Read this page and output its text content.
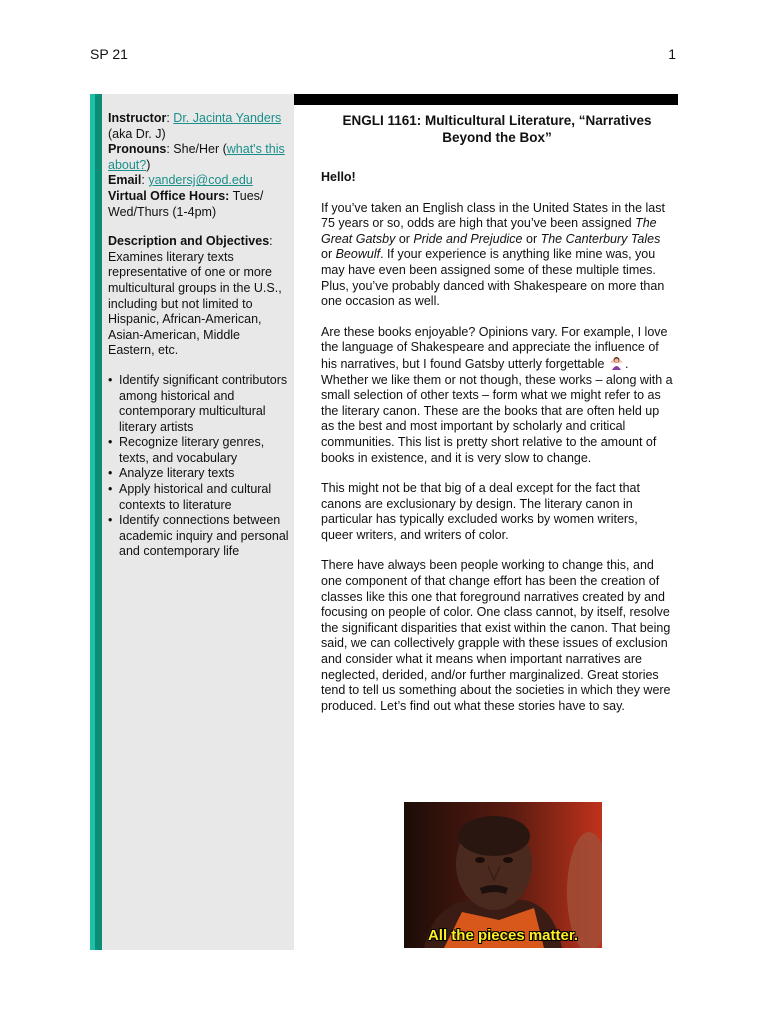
SP 21	1

Instructor: Dr. Jacinta Yanders (aka Dr. J)

Pronouns: She/Her (what's this about?)

Email: yandersj@cod.edu

Virtual Office Hours: Tues/ Wed/Thurs (1-4pm)

Description and Objectives:

Examines literary texts representative of one or more multicultural groups in the U.S., including but not limited to Hispanic, African-American, Asian-American, Middle Eastern, etc.

• Identify significant contributors among historical and contemporary multicultural literary artists
• Recognize literary genres, texts, and vocabulary
• Analyze literary texts
• Apply historical and cultural contexts to literature
• Identify connections between academic inquiry and personal and contemporary life
ENGLI 1161: Multicultural Literature, “Narratives Beyond the Box”

Hello!

If you’ve taken an English class in the United States in the last 75 years or so, odds are high that you’ve been assigned The Great Gatsby or Pride and Prejudice or The Canterbury Tales or Beowulf. If your experience is anything like mine was, you may have even been assigned some of these multiple times. Plus, you’ve probably danced with Shakespeare on more than one occasion as well.

Are these books enjoyable? Opinions vary. For example, I love the language of Shakespeare and appreciate the influence of his narratives, but I found Gatsby utterly forgettable . Whether we like them or not though, these works – along with a small selection of other texts – form what we might refer to as the literary canon. These are the books that are often held up as the best and most important by scholarly and critical communities. This list is pretty short relative to the amount of books in existence, and it is very slow to change.

This might not be that big of a deal except for the fact that canons are exclusionary by design. The literary canon in particular has typically excluded works by women writers, queer writers, and writers of color.

There have always been people working to change this, and one component of that change effort has been the creation of classes like this one that foreground narratives created by and focusing on people of color. One class cannot, by itself, resolve the significant disparities that exist within the canon. That being said, we can collectively grapple with these issues of exclusion and consider what it means when important narratives are neglected, derided, and/or further marginalized. Great stories tend to tell us something about the societies in which they were produced. Let’s find out what these stories have to say.

All the pieces matter.
